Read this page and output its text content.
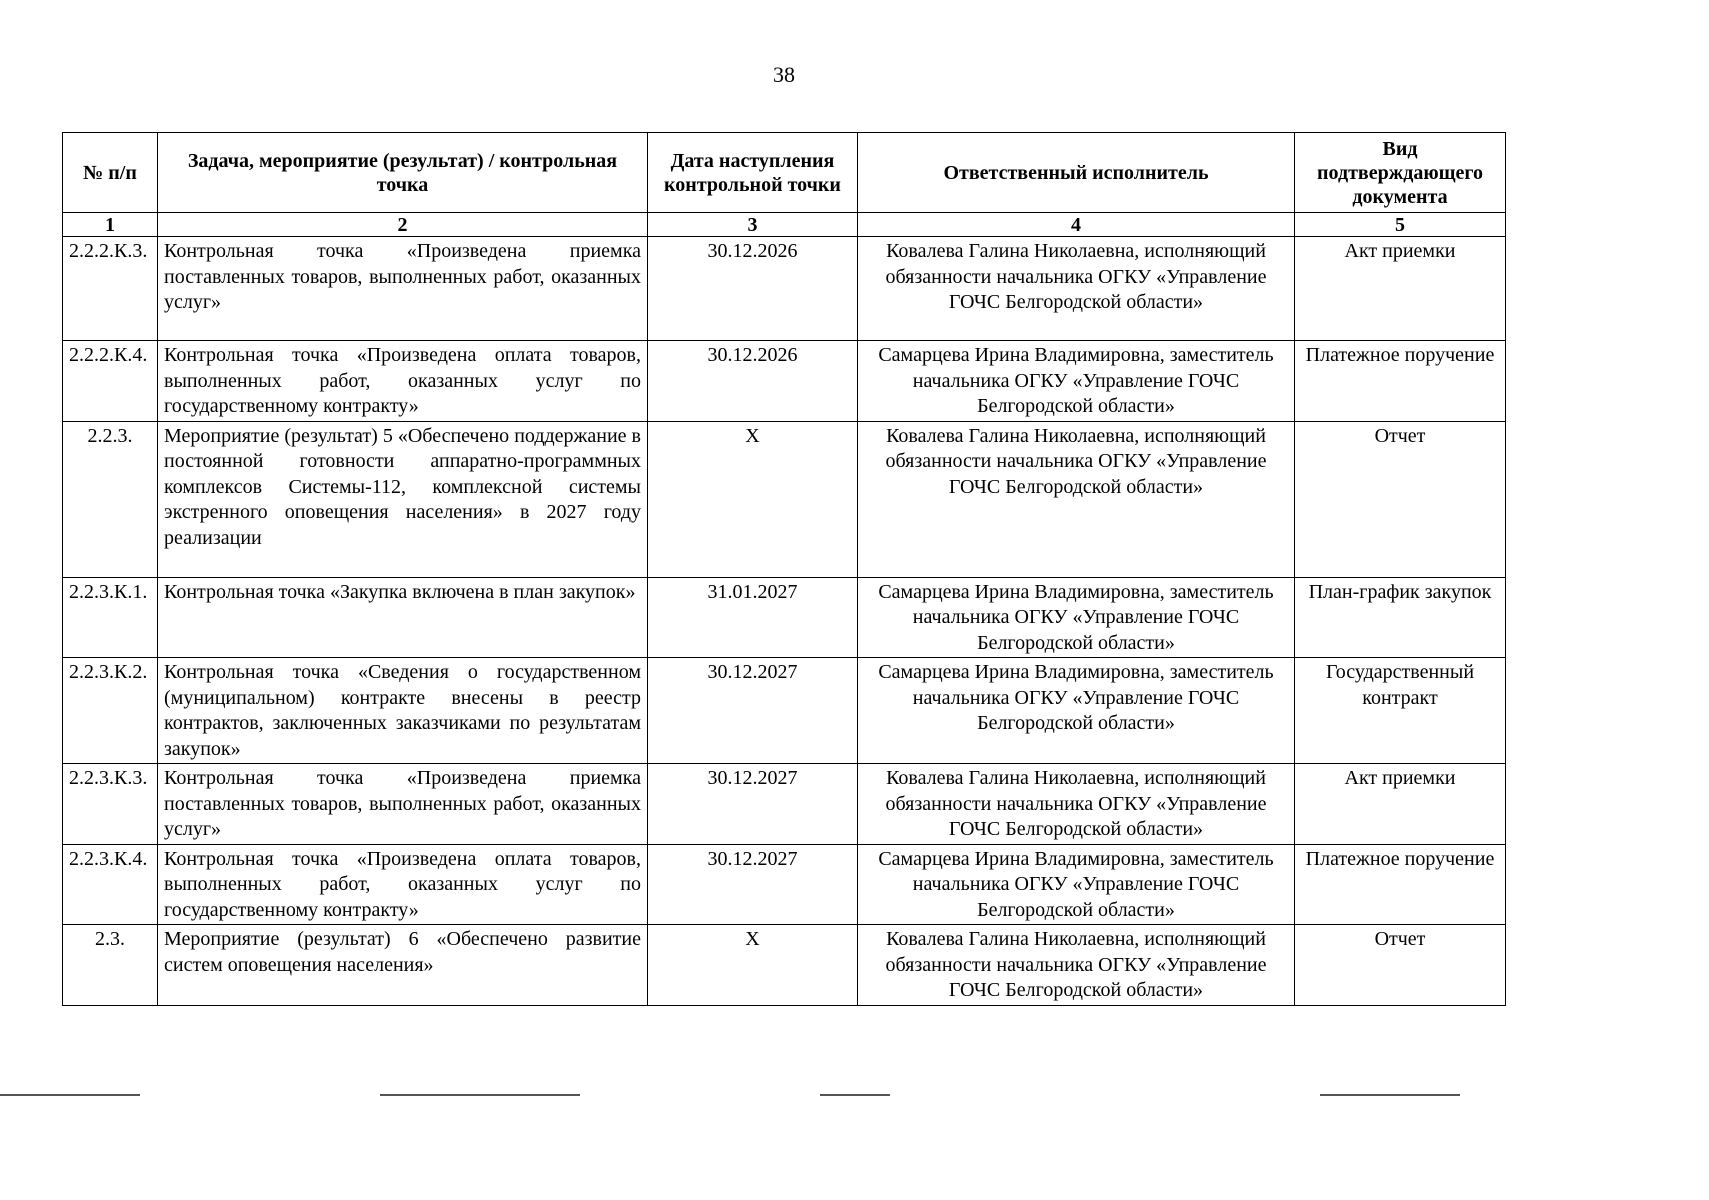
38
№ п/п	Задача, мероприятие (результат) / контрольная точка	Дата наступления контрольной точки	Ответственный исполнитель	Вид подтверждающего документа
1	2	3	4	5
2.2.2.К.3.	Контрольная точка «Произведена приемка поставленных товаров, выполненных работ, оказанных услуг»	30.12.2026	Ковалева Галина Николаевна, исполняющий обязанности начальника ОГКУ «Управление ГОЧС Белгородской области»	Акт приемки
2.2.2.К.4.	Контрольная точка «Произведена оплата товаров, выполненных работ, оказанных услуг по государственному контракту»	30.12.2026	Самарцева Ирина Владимировна, заместитель начальника ОГКУ «Управление ГОЧС Белгородской области»	Платежное поручение
2.2.3.	Мероприятие (результат) 5 «Обеспечено поддержание в постоянной готовности аппаратно-программных комплексов Системы-112, комплексной системы экстренного оповещения населения» в 2027 году реализации	X	Ковалева Галина Николаевна, исполняющий обязанности начальника ОГКУ «Управление ГОЧС Белгородской области»	Отчет
2.2.3.К.1.	Контрольная точка «Закупка включена в план закупок»	31.01.2027	Самарцева Ирина Владимировна, заместитель начальника ОГКУ «Управление ГОЧС Белгородской области»	План-график закупок
2.2.3.К.2.	Контрольная точка «Сведения о государственном (муниципальном) контракте внесены в реестр контрактов, заключенных заказчиками по результатам закупок»	30.12.2027	Самарцева Ирина Владимировна, заместитель начальника ОГКУ «Управление ГОЧС Белгородской области»	Государственный контракт
2.2.3.К.3.	Контрольная точка «Произведена приемка поставленных товаров, выполненных работ, оказанных услуг»	30.12.2027	Ковалева Галина Николаевна, исполняющий обязанности начальника ОГКУ «Управление ГОЧС Белгородской области»	Акт приемки
2.2.3.К.4.	Контрольная точка «Произведена оплата товаров, выполненных работ, оказанных услуг по государственному контракту»	30.12.2027	Самарцева Ирина Владимировна, заместитель начальника ОГКУ «Управление ГОЧС Белгородской области»	Платежное поручение
2.3.	Мероприятие (результат) 6 «Обеспечено развитие систем оповещения населения»	X	Ковалева Галина Николаевна, исполняющий обязанности начальника ОГКУ «Управление ГОЧС Белгородской области»	Отчет
